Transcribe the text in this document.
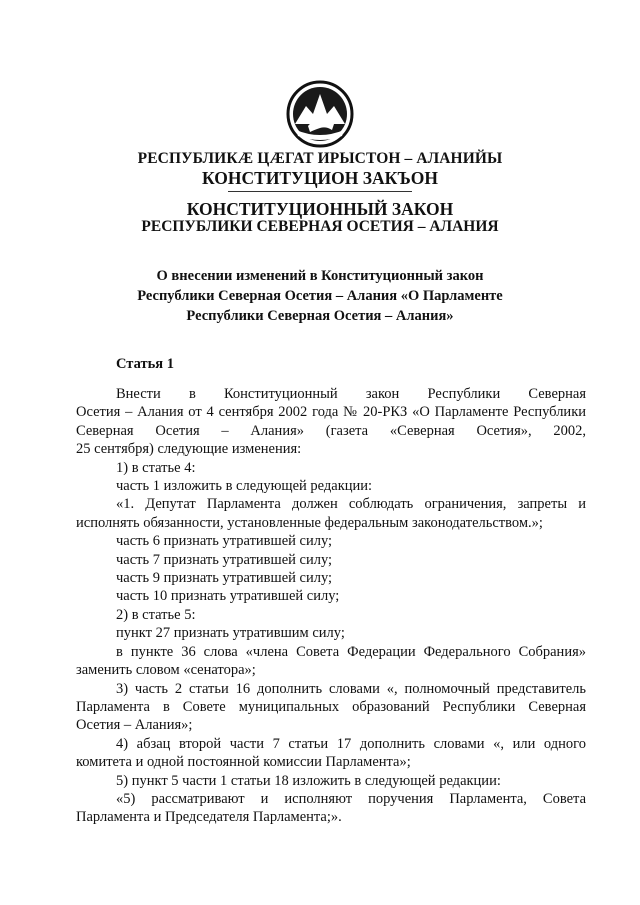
РЕСПУБЛИКÆ ЦÆГАТ ИРЫСТОН – АЛАНИЙЫ
КОНСТИТУЦИОН ЗАКЪОН
КОНСТИТУЦИОННЫЙ ЗАКОН
РЕСПУБЛИКИ СЕВЕРНАЯ ОСЕТИЯ – АЛАНИЯ
О внесении изменений в Конституционный закон
Республики Северная Осетия – Алания «О Парламенте
Республики Северная Осетия – Алания»
Статья 1
Внести в Конституционный закон Республики Северная
Осетия – Алания от 4 сентября 2002 года № 20-РКЗ «О Парламенте Республики
Северная Осетия – Алания» (газета «Северная Осетия», 2002,
25 сентября) следующие изменения:
1) в статье 4:
часть 1 изложить в следующей редакции:
«1. Депутат Парламента должен соблюдать ограничения, запреты и
исполнять обязанности, установленные федеральным законодательством.»;
часть 6 признать утратившей силу;
часть 7 признать утратившей силу;
часть 9 признать утратившей силу;
часть 10 признать утратившей силу;
2) в статье 5:
пункт 27 признать утратившим силу;
в пункте 36 слова «члена Совета Федерации Федерального Собрания»
заменить словом «сенатора»;
3) часть 2 статьи 16 дополнить словами «, полномочный представитель
Парламента в Совете муниципальных образований Республики Северная
Осетия – Алания»;
4) абзац второй части 7 статьи 17 дополнить словами «, или одного
комитета и одной постоянной комиссии Парламента»;
5) пункт 5 части 1 статьи 18 изложить в следующей редакции:
«5) рассматривают и исполняют поручения Парламента, Совета
Парламента и Председателя Парламента;».
